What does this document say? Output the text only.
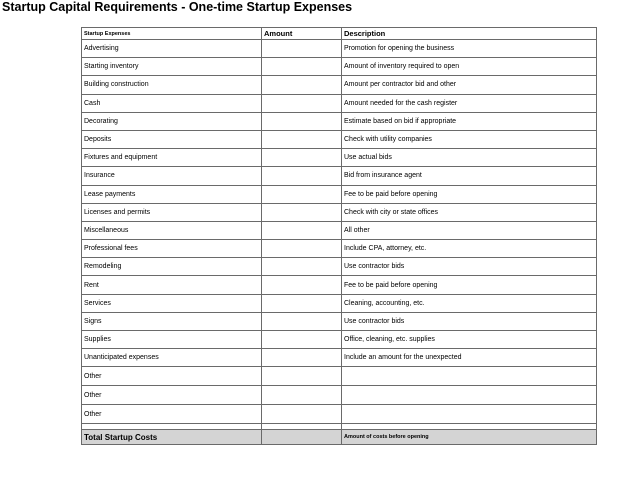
Startup Capital Requirements - One-time Startup Expenses
Startup Expenses	Amount	Description
Advertising		Promotion for opening the business
Starting inventory		Amount of inventory required to open
Building construction		Amount per contractor bid and other
Cash		Amount needed for the cash register
Decorating		Estimate based on bid if appropriate
Deposits		Check with utility companies
Fixtures and equipment		Use actual bids
Insurance		Bid from insurance agent
Lease payments		Fee to be paid before opening
Licenses and permits		Check with city or state offices
Miscellaneous		All other
Professional fees		Include CPA, attorney, etc.
Remodeling		Use contractor bids
Rent		Fee to be paid before opening
Services		Cleaning, accounting, etc.
Signs		Use contractor bids
Supplies		Office, cleaning, etc. supplies
Unanticipated expenses		Include an amount for the unexpected
Other		
Other		
Other		

Total Startup Costs		Amount of costs before opening
